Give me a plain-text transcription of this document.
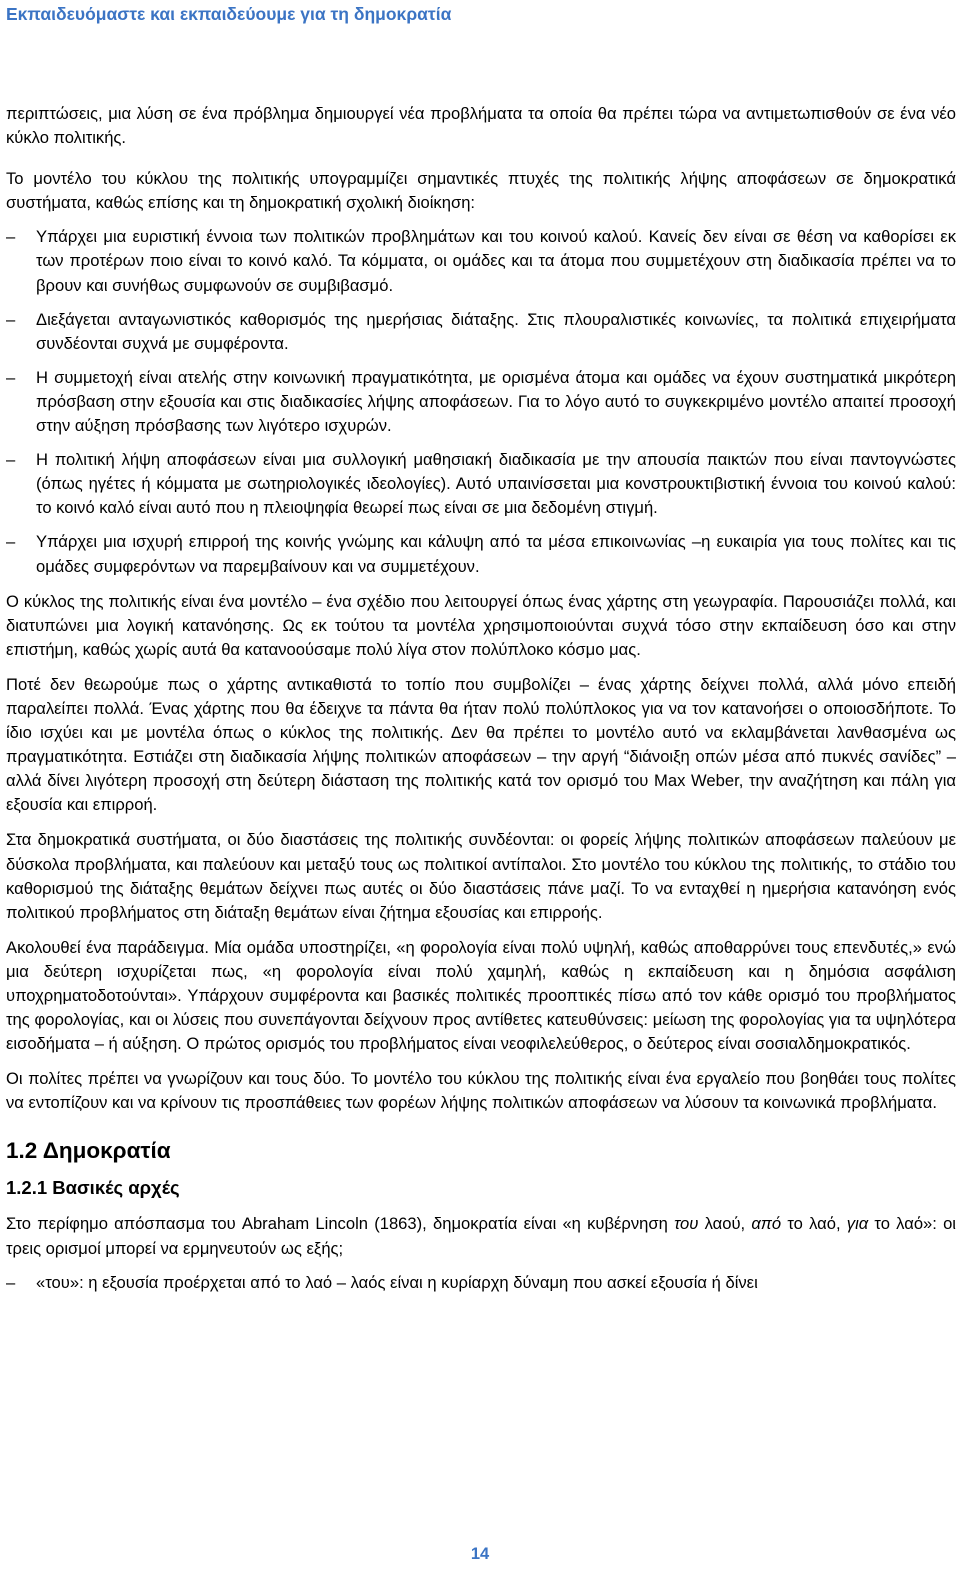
Εκπαιδευόμαστε και εκπαιδεύουμε για τη δημοκρατία
περιπτώσεις, μια λύση σε ένα πρόβλημα δημιουργεί νέα προβλήματα τα οποία θα πρέπει τώρα να αντιμετωπισθούν σε ένα νέο κύκλο πολιτικής.
Το μοντέλο του κύκλου της πολιτικής υπογραμμίζει σημαντικές πτυχές της πολιτικής λήψης αποφάσεων σε δημοκρατικά συστήματα, καθώς επίσης και τη δημοκρατική σχολική διοίκηση:
– Υπάρχει μια ευριστική έννοια των πολιτικών προβλημάτων και του κοινού καλού. Κανείς δεν είναι σε θέση να καθορίσει εκ των προτέρων ποιο είναι το κοινό καλό. Τα κόμματα, οι ομάδες και τα άτομα που συμμετέχουν στη διαδικασία πρέπει να το βρουν και συνήθως συμφωνούν σε συμβιβασμό.
– Διεξάγεται ανταγωνιστικός καθορισμός της ημερήσιας διάταξης. Στις πλουραλιστικές κοινωνίες, τα πολιτικά επιχειρήματα συνδέονται συχνά με συμφέροντα.
– Η συμμετοχή είναι ατελής στην κοινωνική πραγματικότητα, με ορισμένα άτομα και ομάδες να έχουν συστηματικά μικρότερη πρόσβαση στην εξουσία και στις διαδικασίες λήψης αποφάσεων. Για το λόγο αυτό το συγκεκριμένο μοντέλο απαιτεί προσοχή στην αύξηση πρόσβασης των λιγότερο ισχυρών.
– Η πολιτική λήψη αποφάσεων είναι μια συλλογική μαθησιακή διαδικασία με την απουσία παικτών που είναι παντογνώστες (όπως ηγέτες ή κόμματα με σωτηριολογικές ιδεολογίες). Αυτό υπαινίσσεται μια κονστρουκτιβιστική έννοια του κοινού καλού: το κοινό καλό είναι αυτό που η πλειοψηφία θεωρεί πως είναι σε μια δεδομένη στιγμή.
– Υπάρχει μια ισχυρή επιρροή της κοινής γνώμης και κάλυψη από τα μέσα επικοινωνίας –η ευκαιρία για τους πολίτες και τις ομάδες συμφερόντων να παρεμβαίνουν και να συμμετέχουν.
Ο κύκλος της πολιτικής είναι ένα μοντέλο – ένα σχέδιο που λειτουργεί όπως ένας χάρτης στη γεωγραφία. Παρουσιάζει πολλά, και διατυπώνει μια λογική κατανόησης. Ως εκ τούτου τα μοντέλα χρησιμοποιούνται συχνά τόσο στην εκπαίδευση όσο και στην επιστήμη, καθώς χωρίς αυτά θα κατανοούσαμε πολύ λίγα στον πολύπλοκο κόσμο μας.
Ποτέ δεν θεωρούμε πως ο χάρτης αντικαθιστά το τοπίο που συμβολίζει – ένας χάρτης δείχνει πολλά, αλλά μόνο επειδή παραλείπει πολλά. Ένας χάρτης που θα έδειχνε τα πάντα θα ήταν πολύ πολύπλοκος για να τον κατανοήσει ο οποιοσδήποτε. Το ίδιο ισχύει και με μοντέλα όπως ο κύκλος της πολιτικής. Δεν θα πρέπει το μοντέλο αυτό να εκλαμβάνεται λανθασμένα ως πραγματικότητα. Εστιάζει στη διαδικασία λήψης πολιτικών αποφάσεων – την αργή “διάνοιξη οπών μέσα από πυκνές σανίδες” – αλλά δίνει λιγότερη προσοχή στη δεύτερη διάσταση της πολιτικής κατά τον ορισμό του Max Weber, την αναζήτηση και πάλη για εξουσία και επιρροή.
Στα δημοκρατικά συστήματα, οι δύο διαστάσεις της πολιτικής συνδέονται: οι φορείς λήψης πολιτικών αποφάσεων παλεύουν με δύσκολα προβλήματα, και παλεύουν και μεταξύ τους ως πολιτικοί αντίπαλοι. Στο μοντέλο του κύκλου της πολιτικής, το στάδιο του καθορισμού της διάταξης θεμάτων δείχνει πως αυτές οι δύο διαστάσεις πάνε μαζί. Το να ενταχθεί η ημερήσια κατανόηση ενός πολιτικού προβλήματος στη διάταξη θεμάτων είναι ζήτημα εξουσίας και επιρροής.
Ακολουθεί ένα παράδειγμα. Μία ομάδα υποστηρίζει, «η φορολογία είναι πολύ υψηλή, καθώς αποθαρρύνει τους επενδυτές,» ενώ μια δεύτερη ισχυρίζεται πως, «η φορολογία είναι πολύ χαμηλή, καθώς η εκπαίδευση και η δημόσια ασφάλιση υποχρηματοδοτούνται». Υπάρχουν συμφέροντα και βασικές πολιτικές προοπτικές πίσω από τον κάθε ορισμό του προβλήματος της φορολογίας, και οι λύσεις που συνεπάγονται δείχνουν προς αντίθετες κατευθύνσεις: μείωση της φορολογίας για τα υψηλότερα εισοδήματα – ή αύξηση. Ο πρώτος ορισμός του προβλήματος είναι νεοφιλελεύθερος, ο δεύτερος είναι σοσιαλδημοκρατικός.
Οι πολίτες πρέπει να γνωρίζουν και τους δύο. Το μοντέλο του κύκλου της πολιτικής είναι ένα εργαλείο που βοηθάει τους πολίτες να εντοπίζουν και να κρίνουν τις προσπάθειες των φορέων λήψης πολιτικών αποφάσεων να λύσουν τα κοινωνικά προβλήματα.
1.2 Δημοκρατία
1.2.1 Βασικές αρχές
Στο περίφημο απόσπασμα του Abraham Lincoln (1863), δημοκρατία είναι «η κυβέρνηση του λαού, από το λαό, για το λαό»: οι τρεις ορισμοί μπορεί να ερμηνευτούν ως εξής;
– «του»: η εξουσία προέρχεται από το λαό – λαός είναι η κυρίαρχη δύναμη που ασκεί εξουσία ή δίνει
14
